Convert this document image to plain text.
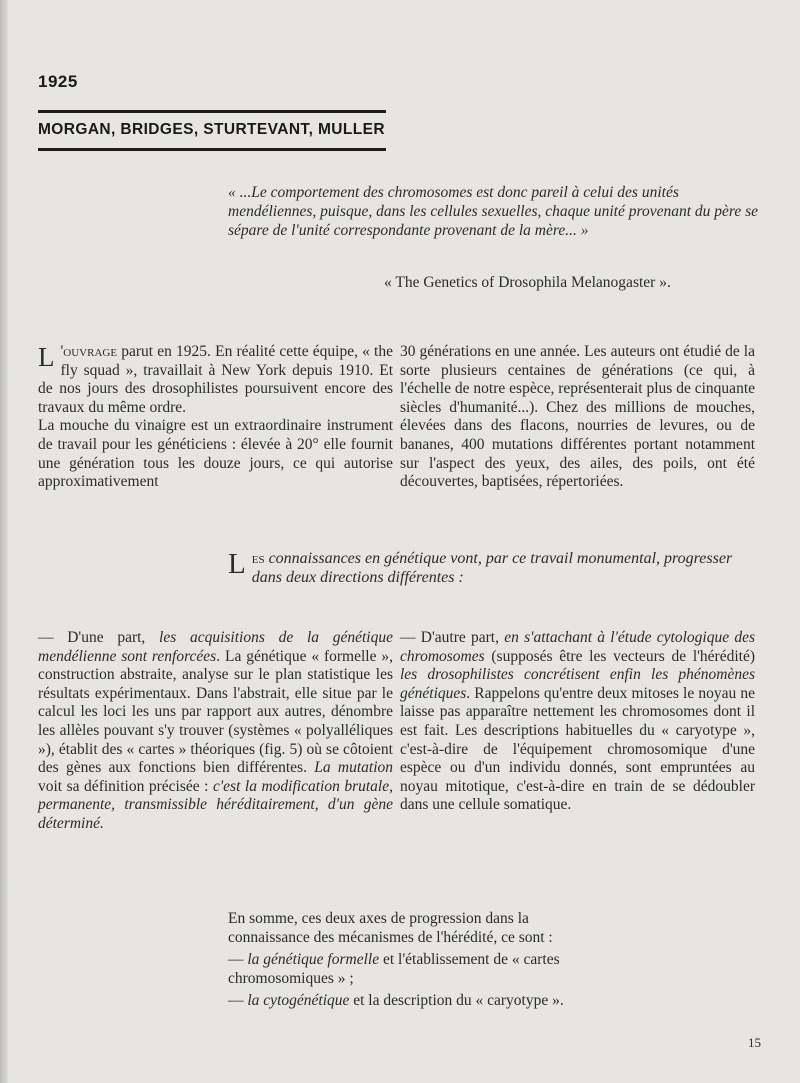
1925
MORGAN, BRIDGES, STURTEVANT, MULLER
« ...Le comportement des chromosomes est donc pareil à celui des unités mendéliennes, puisque, dans les cellules sexuelles, chaque unité provenant du père se sépare de l'unité correspondante provenant de la mère... »
« The Genetics of Drosophila Melanogaster ».

L 'ouvrage parut en 1925. En réalité cette équipe, « the fly squad », travaillait à New York depuis 1910. Et de nos jours des drosophilistes poursuivent encore des travaux du même ordre.

La mouche du vinaigre est un extraordinaire instrument de travail pour les généticiens : élevée à 20° elle fournit une génération tous les douze jours, ce qui autorise approximativement

30 générations en une année. Les auteurs ont étudié de la sorte plusieurs centaines de générations (ce qui, à l'échelle de notre espèce, représenterait plus de cinquante siècles d'humanité...). Chez des millions de mouches, élevées dans des flacons, nourries de levures, ou de bananes, 400 mutations différentes portant notamment sur l'aspect des yeux, des ailes, des poils, ont été découvertes, baptisées, répertoriées.
Les connaissances en génétique vont, par ce travail monumental, progresser dans deux directions différentes :
— D'une part, les acquisitions de la génétique mendélienne sont renforcées. La génétique « formelle », construction abstraite, analyse sur le plan statistique les résultats expérimentaux. Dans l'abstrait, elle situe par le calcul les loci les uns par rapport aux autres, dénombre les allèles pouvant s'y trouver (systèmes « polyalléliques »), établit des « cartes » théoriques (fig. 5) où se côtoient des gènes aux fonctions bien différentes. La mutation voit sa définition précisée : c'est la modification brutale, permanente, transmissible héréditairement, d'un gène déterminé.
— D'autre part, en s'attachant à l'étude cytologique des chromosomes (supposés être les vecteurs de l'hérédité) les drosophilistes concrétisent enfin les phénomènes génétiques. Rappelons qu'entre deux mitoses le noyau ne laisse pas apparaître nettement les chromosomes dont il est fait. Les descriptions habituelles du « caryotype », c'est-à-dire de l'équipement chromosomique d'une espèce ou d'un individu donnés, sont empruntées au noyau mitotique, c'est-à-dire en train de se dédoubler dans une cellule somatique.

En somme, ces deux axes de progression dans la connaissance des mécanismes de l'hérédité, ce sont :

— la génétique formelle et l'établissement de « cartes chromosomiques » ;

— la cytogénétique et la description du « caryotype ».

15
